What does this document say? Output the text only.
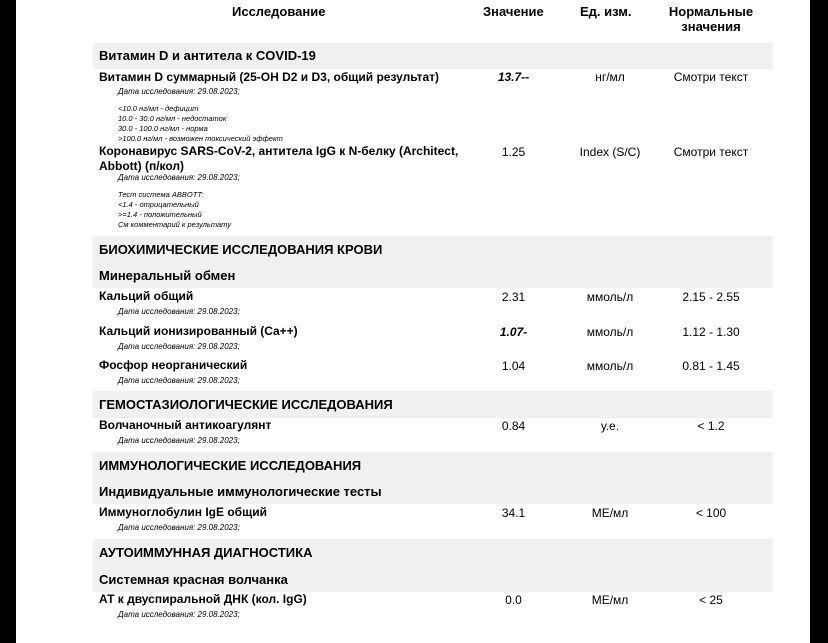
Исследование	Значение	Ед. изм.	Нормальные значения
Витамин D и антитела к COVID-19
Витамин D суммарный (25-OH D2 и D3, общий результат)
Дата исследования: 29.08.2023;
<10.0 нг/мл - дефицит
10.0 - 30.0 нг/мл - недостаток
30.0 - 100.0 нг/мл - норма
>100.0 нг/мл - возможен токсический эффект
13.7--	нг/мл	Смотри текст
Коронавирус SARS-CoV-2, антитела IgG к N-белку (Architect, Abbott) (п/кол)
Дата исследования: 29.08.2023;
Тест система ABBOTT:
<1.4 - отрицательный
>=1.4 - положительный
См комментарий к результату
1.25	Index (S/C)	Смотри текст
БИОХИМИЧЕСКИЕ ИССЛЕДОВАНИЯ КРОВИ
Минеральный обмен
Кальций общий
Дата исследования: 29.08.2023;
2.31	ммоль/л	2.15 - 2.55
Кальций ионизированный (Ca++)
Дата исследования: 29.08.2023;
1.07-	ммоль/л	1.12 - 1.30
Фосфор неорганический
Дата исследования: 29.08.2023;
1.04	ммоль/л	0.81 - 1.45
ГЕМОСТАЗИОЛОГИЧЕСКИЕ ИССЛЕДОВАНИЯ
Волчаночный антикоагулянт
Дата исследования: 29.08.2023;
0.84	у.е.	< 1.2
ИММУНОЛОГИЧЕСКИЕ ИССЛЕДОВАНИЯ
Индивидуальные иммунологические тесты
Иммуноглобулин IgE общий
Дата исследования: 29.08.2023;
34.1	МЕ/мл	< 100
АУТОИММУННАЯ ДИАГНОСТИКА
Системная красная волчанка
АТ к двуспиральной ДНК (кол. IgG)
Дата исследования: 29.08.2023;
0.0	МЕ/мл	< 25
